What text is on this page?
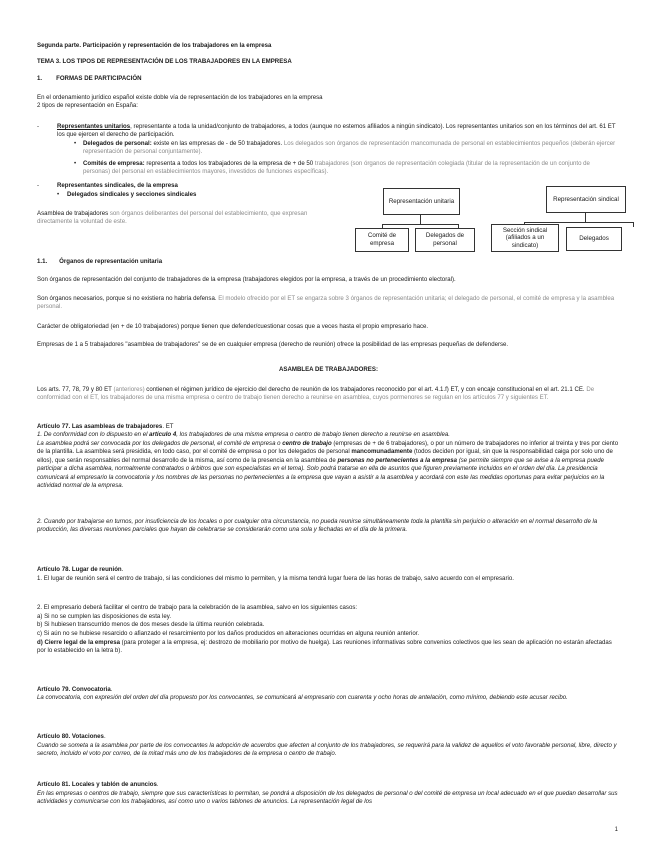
Segunda parte. Participación y representación de los trabajadores en la empresa

TEMA 3. LOS TIPOS DE REPRESENTACIÓN DE LOS TRABAJADORES EN LA EMPRESA

1. FORMAS DE PARTICIPACIÓN

En el ordenamiento jurídico español existe doble vía de representación de los trabajadores en la empresa

2 tipos de representación en España:

-	Representantes unitarios, representante a toda la unidad/conjunto de trabajadores, a todos (aunque no estemos afiliados a ningún sindicato). Los representantes unitarios son en los términos del art. 61 ET los que ejercen el derecho de participación.

• Delegados de personal: existe en las empresas de - de 50 trabajadores. Los delegados son órganos de representación mancomunada de personal en establecimientos pequeños (deberán ejercer representación de personal conjuntamente).

• Comités de empresa: representa a todos los trabajadores de la empresa de + de 50 trabajadores (son órganos de representación colegiada (titular de la representación de un conjunto de personas) del personal en establecimientos mayores, investidos de funciones específicas).

-	Representantes sindicales, de la empresa

• Delegados sindicales y secciones sindicales

Asamblea de trabajadores son órganos deliberantes del personal del establecimiento, que expresan directamente la voluntad de este.

Representación unitaria	Representación sindical
Comité de empresa
Delegados de personal
Sección sindical (afiliados a un sindicato)
Delegados

1.1. Órganos de representación unitaria

Son órganos de representación del conjunto de trabajadores de la empresa (trabajadores elegidos por la empresa, a través de un procedimiento electoral).

Son órganos necesarios, porque si no existiera no habría defensa. El modelo ofrecido por el ET se engarza sobre 3 órganos de representación unitaria; el delegado de personal, el comité de empresa y la asamblea personal.

Carácter de obligatoriedad (en + de 10 trabajadores) porque tienen que defender/cuestionar cosas que a veces hasta el propio empresario hace.

Empresas de 1 a 5 trabajadores "asamblea de trabajadores" se de en cualquier empresa (derecho de reunión) ofrece la posibilidad de las empresas pequeñas de defenderse.

ASAMBLEA DE TRABAJADORES:

Los arts. 77, 78, 79 y 80 ET (anteriores) contienen el régimen jurídico de ejercicio del derecho de reunión de los trabajadores reconocido por el art. 4.1.f) ET, y con encaje constitucional en el art. 21.1 CE. De conformidad con el ET, los trabajadores de una misma empresa o centro de trabajo tienen derecho a reunirse en asamblea, cuyos pormenores se regulan en los artículos 77 y siguientes ET.

Artículo 77. Las asambleas de trabajadores. ET

1. De conformidad con lo dispuesto en el artículo 4, los trabajadores de una misma empresa o centro de trabajo tienen derecho a reunirse en asamblea.

La asamblea podrá ser convocada por los delegados de personal, el comité de empresa o centro de trabajo (empresas de + de 6 trabajadores), o por un número de trabajadores no inferior al treinta y tres por ciento de la plantilla. La asamblea será presidida, en todo caso, por el comité de empresa o por los delegados de personal mancomunadamente (todos deciden por igual, sin que la responsabilidad caiga por solo uno de ellos), que serán responsables del normal desarrollo de la misma, así como de la presencia en la asamblea de personas no pertenecientes a la empresa (se permite siempre que se avise a la empresa puede participar a dicha asamblea, normalmente contratados o árbitros que son especialistas en el tema). Solo podrá tratarse en ella de asuntos que figuren previamente incluidos en el orden del día. La presidencia comunicará al empresario la convocatoria y los nombres de las personas no pertenecientes a la empresa que vayan a asistir a la asamblea y acordará con este las medidas oportunas para evitar perjuicios en la actividad normal de la empresa.

2. Cuando por trabajarse en turnos, por insuficiencia de los locales o por cualquier otra circunstancia, no pueda reunirse simultáneamente toda la plantilla sin perjuicio o alteración en el normal desarrollo de la producción, las diversas reuniones parciales que hayan de celebrarse se considerarán como una sola y fechadas en el día de la primera.

Artículo 78. Lugar de reunión.

1. El lugar de reunión será el centro de trabajo, si las condiciones del mismo lo permiten, y la misma tendrá lugar fuera de las horas de trabajo, salvo acuerdo con el empresario.

2. El empresario deberá facilitar el centro de trabajo para la celebración de la asamblea, salvo en los siguientes casos:

a) Si no se cumplen las disposiciones de esta ley.

b) Si hubiesen transcurrido menos de dos meses desde la última reunión celebrada.

c) Si aún no se hubiese resarcido o afianzado el resarcimiento por los daños producidos en alteraciones ocurridas en alguna reunión anterior.

d) Cierre legal de la empresa (para proteger a la empresa, ej: destrozo de mobiliario por motivo de huelga). Las reuniones informativas sobre convenios colectivos que les sean de aplicación no estarán afectadas por lo establecido en la letra b).

Artículo 79. Convocatoria.

La convocatoria, con expresión del orden del día propuesto por los convocantes, se comunicará al empresario con cuarenta y ocho horas de antelación, como mínimo, debiendo este acusar recibo.

Artículo 80. Votaciones.

Cuando se someta a la asamblea por parte de los convocantes la adopción de acuerdos que afecten al conjunto de los trabajadores, se requerirá para la validez de aquellos el voto favorable personal, libre, directo y secreto, incluido el voto por correo, de la mitad más uno de los trabajadores de la empresa o centro de trabajo.

Artículo 81. Locales y tablón de anuncios.

En las empresas o centros de trabajo, siempre que sus características lo permitan, se pondrá a disposición de los delegados de personal o del comité de empresa un local adecuado en el que puedan desarrollar sus actividades y comunicarse con los trabajadores, así como uno o varios tablones de anuncios. La representación legal de los

1
